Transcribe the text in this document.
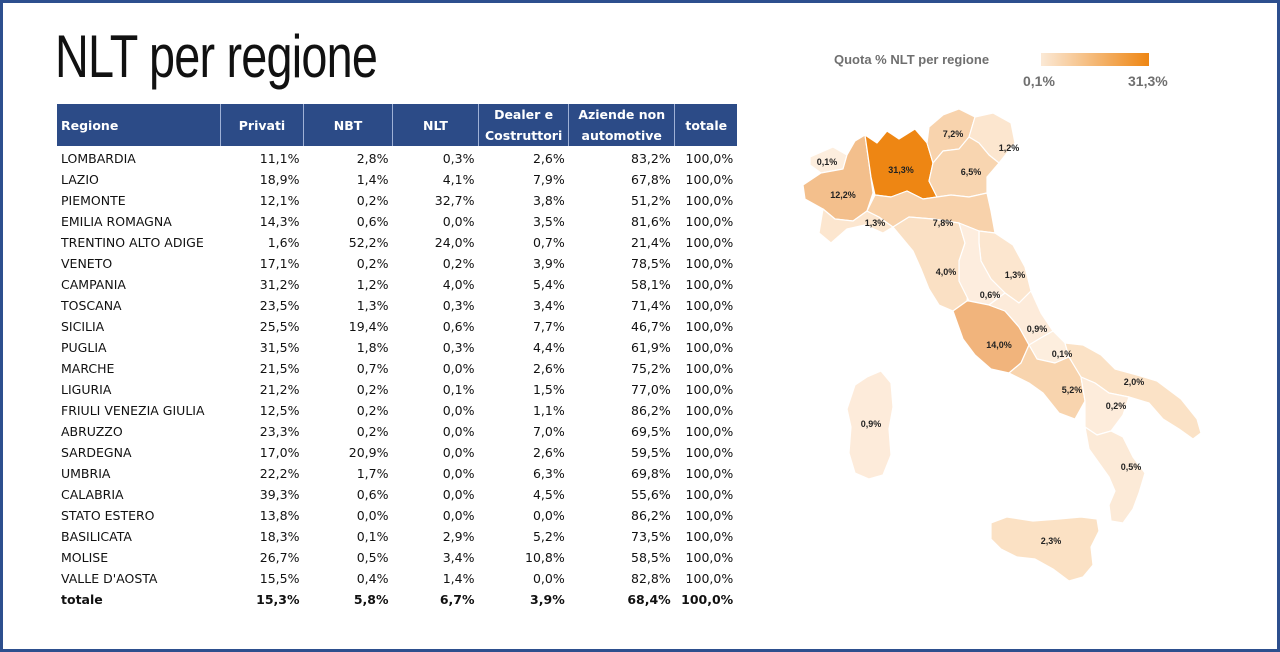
NLT per regione
Regione	Privati	NBT	NLT	Dealer e Costruttori	Aziende non automotive	totale
LOMBARDIA	11,1%	2,8%	0,3%	2,6%	83,2%	100,0%
LAZIO	18,9%	1,4%	4,1%	7,9%	67,8%	100,0%
PIEMONTE	12,1%	0,2%	32,7%	3,8%	51,2%	100,0%
EMILIA ROMAGNA	14,3%	0,6%	0,0%	3,5%	81,6%	100,0%
TRENTINO ALTO ADIGE	1,6%	52,2%	24,0%	0,7%	21,4%	100,0%
VENETO	17,1%	0,2%	0,2%	3,9%	78,5%	100,0%
CAMPANIA	31,2%	1,2%	4,0%	5,4%	58,1%	100,0%
TOSCANA	23,5%	1,3%	0,3%	3,4%	71,4%	100,0%
SICILIA	25,5%	19,4%	0,6%	7,7%	46,7%	100,0%
PUGLIA	31,5%	1,8%	0,3%	4,4%	61,9%	100,0%
MARCHE	21,5%	0,7%	0,0%	2,6%	75,2%	100,0%
LIGURIA	21,2%	0,2%	0,1%	1,5%	77,0%	100,0%
FRIULI VENEZIA GIULIA	12,5%	0,2%	0,0%	1,1%	86,2%	100,0%
ABRUZZO	23,3%	0,2%	0,0%	7,0%	69,5%	100,0%
SARDEGNA	17,0%	20,9%	0,0%	2,6%	59,5%	100,0%
UMBRIA	22,2%	1,7%	0,0%	6,3%	69,8%	100,0%
CALABRIA	39,3%	0,6%	0,0%	4,5%	55,6%	100,0%
STATO ESTERO	13,8%	0,0%	0,0%	0,0%	86,2%	100,0%
BASILICATA	18,3%	0,1%	2,9%	5,2%	73,5%	100,0%
MOLISE	26,7%	0,5%	3,4%	10,8%	58,5%	100,0%
VALLE D'AOSTA	15,5%	0,4%	1,4%	0,0%	82,8%	100,0%
totale	15,3%	5,8%	6,7%	3,9%	68,4%	100,0%
Quota % NLT per regione
0,1%	31,3%
0,1%
12,2%
31,3%
7,2%
1,2%
6,5%
1,3%	7,8%
4,0%	1,3%
0,6%
14,0%
0,9%
0,1%
5,2%
2,0%
0,2%
0,5%
2,3%
0,9%
